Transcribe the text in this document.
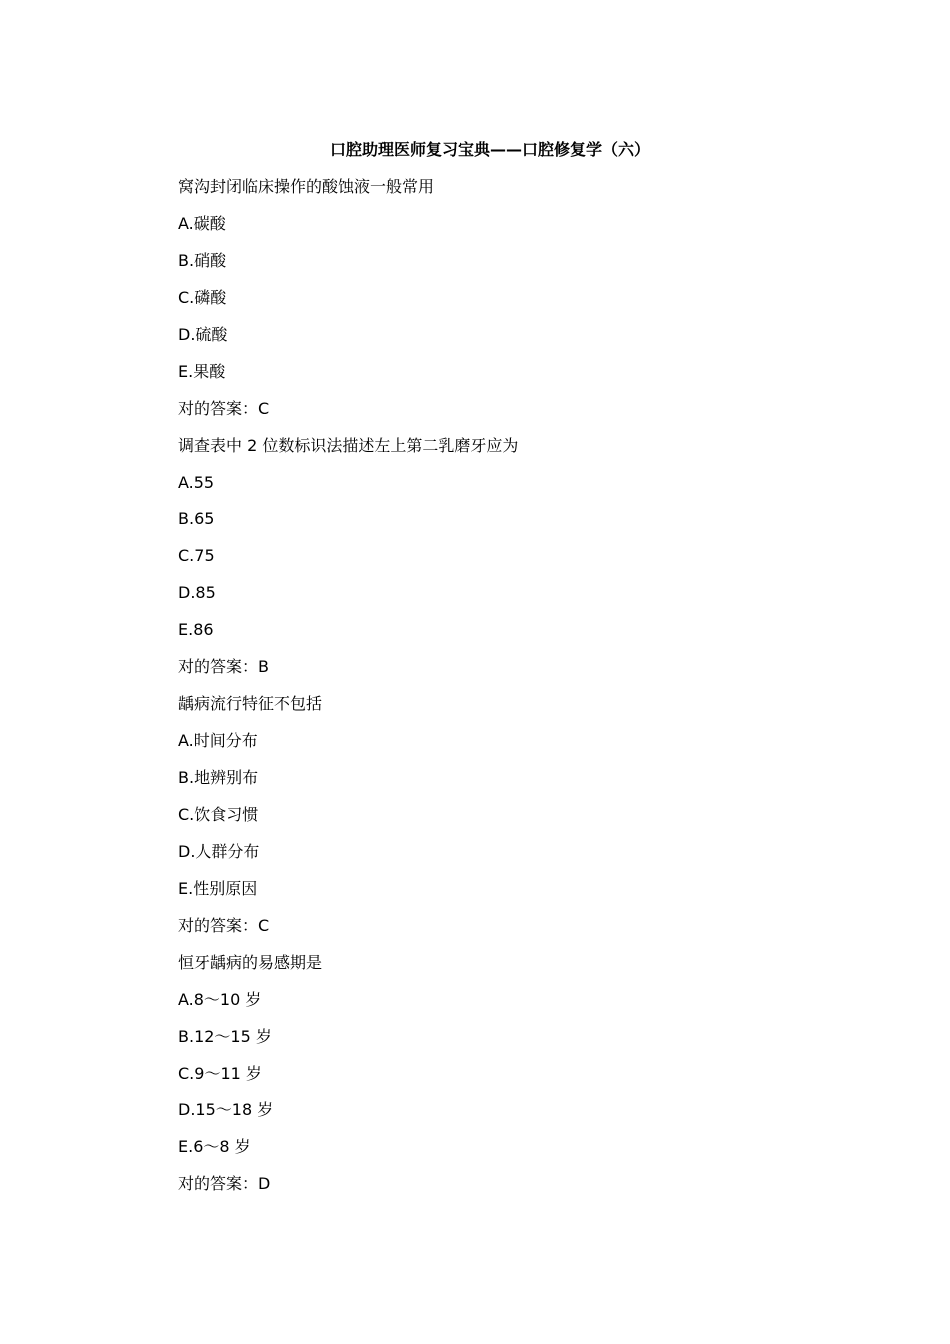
口腔助理医师复习宝典——口腔修复学（六）
窝沟封闭临床操作的酸蚀液一般常用
A.碳酸
B.硝酸
C.磷酸
D.硫酸
E.果酸
对的答案：C
调查表中 2 位数标识法描述左上第二乳磨牙应为
A.55
B.65
C.75
D.85
E.86
对的答案：B
龋病流行特征不包括
A.时间分布
B.地辨别布
C.饮食习惯
D.人群分布
E.性别原因
对的答案：C
恒牙龋病的易感期是
A.8～10 岁
B.12～15 岁
C.9～11 岁
D.15～18 岁
E.6～8 岁
对的答案：D
